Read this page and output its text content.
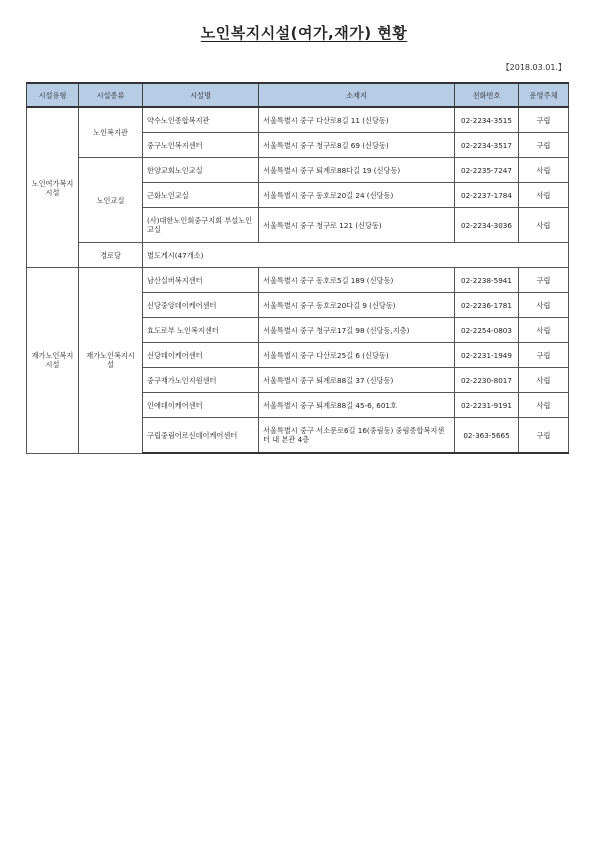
노인복지시설(여가,재가) 현황
【2018.03.01.】
시설유형	시설종류	시설명	소재지	전화번호	운영주체
노인여가복지시설	노인복지관	약수노인종합복지관	서울특별시 중구 다산로8길 11 (신당동)	02-2234-3515	구립
		중구노인복지센터	서울특별시 중구 청구로8길 69 (신당동)	02-2234-3517	구립
	노인교실	한양교회노인교실	서울특별시 중구 퇴계로88다길 19 (신당동)	02-2235-7247	사립
		근화노인교실	서울특별시 중구 동호로20길 24 (신당동)	02-2237-1784	사립
		(사)대한노인회중구지회 부설노인교실	서울특별시 중구 청구로 121 (신당동)	02-2234-3036	사립
	경로당	별도게시(47개소)			
재가노인복지시설	재가노인복지시설	남산실버복지센터	서울특별시 중구 동호로5길 189 (신당동)	02-2238-5941	구립
		신당중앙데이케어센터	서울특별시 중구 동호로20다길 9 (신당동)	02-2236-1781	사립
		효도로부 노인복지센터	서울특별시 중구 청구로17길 98 (신당동,지층)	02-2254-0803	사립
		신당데이케어센터	서울특별시 중구 다산로25길 6 (신당동)	02-2231-1949	구립
		중구재가노인지원센터	서울특별시 중구 퇴계로88길 37 (신당동)	02-2230-8017	사립
		인애데이케어센터	서울특별시 중구 퇴계로88길 45-6, 601호	02-2231-9191	사립
		구립중림어르신데이케어센터	서울특별시 중구 서소문로6길 16(중림동) 중림종합복지센터 내 본관 4층	02-363-5665	구립
